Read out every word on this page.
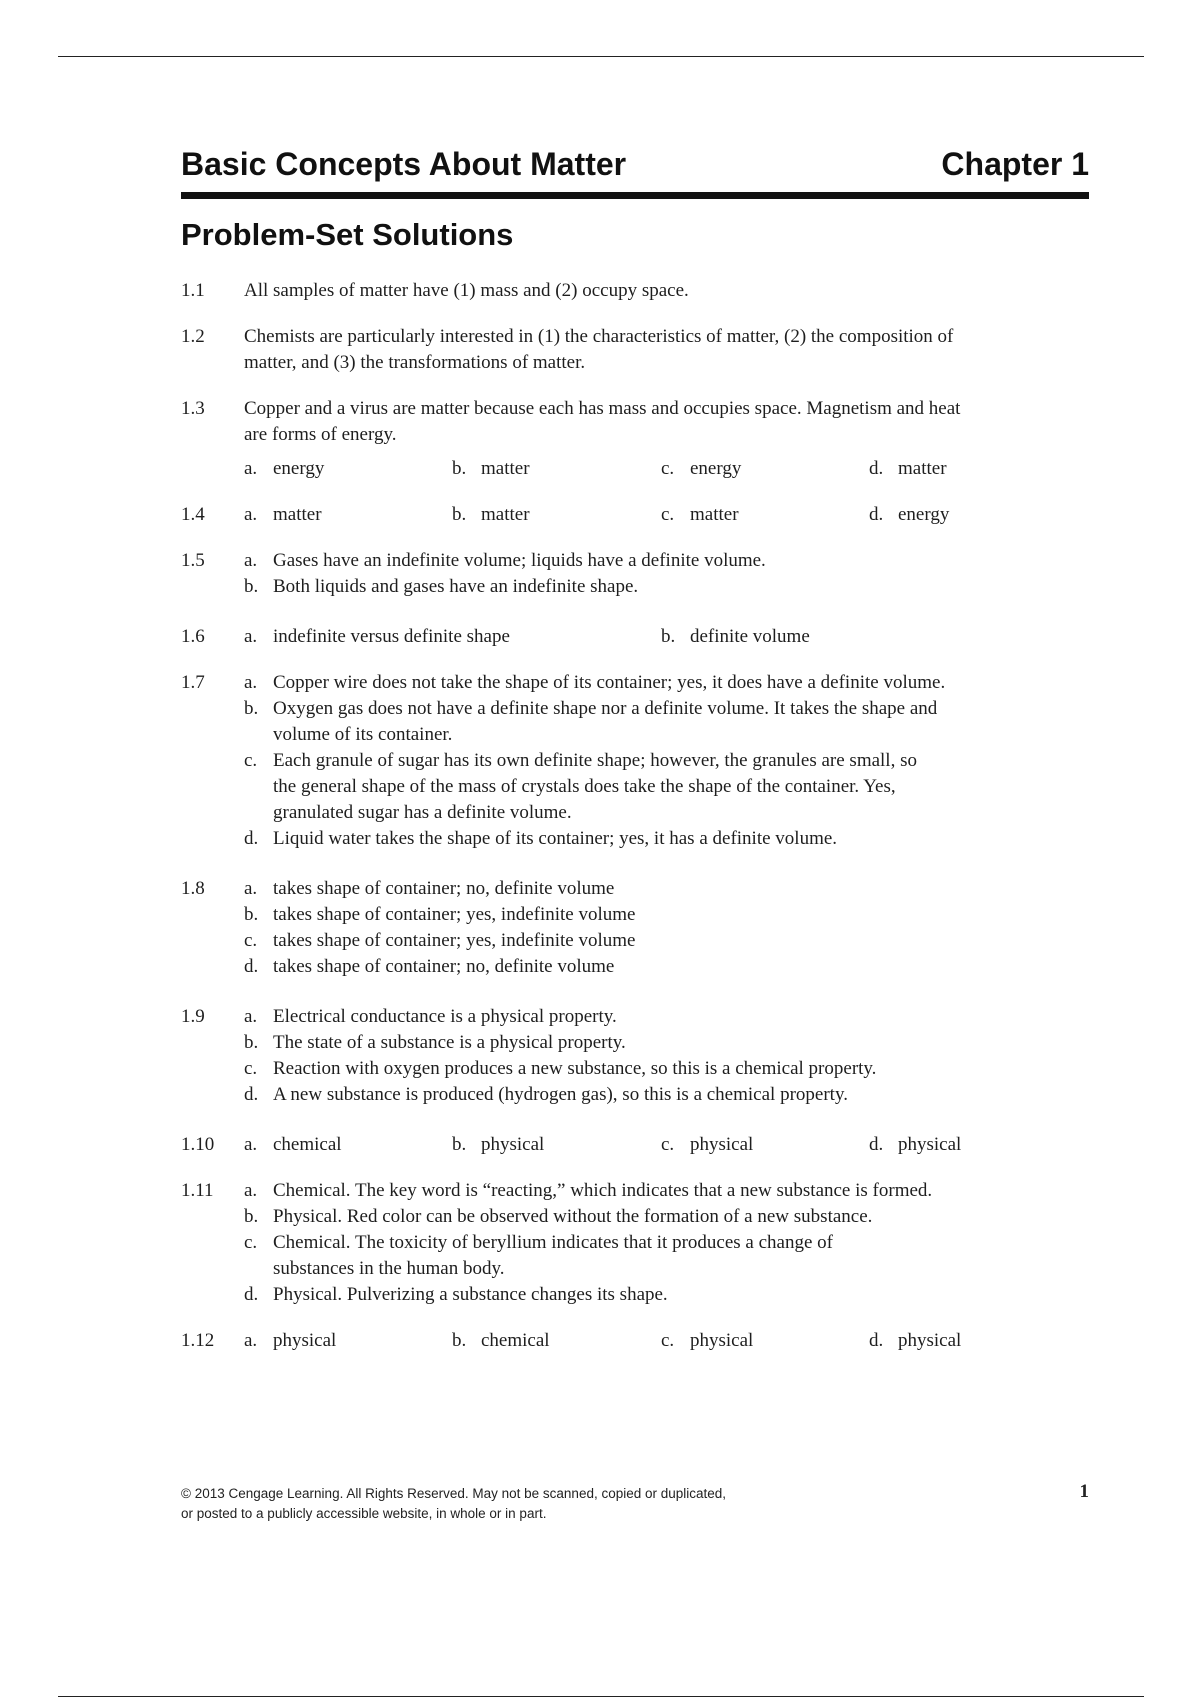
Basic Concepts About Matter	Chapter 1
Problem-Set Solutions
1.1 All samples of matter have (1) mass and (2) occupy space.
1.2 Chemists are particularly interested in (1) the characteristics of matter, (2) the composition of
matter, and (3) the transformations of matter.
1.3 Copper and a virus are matter because each has mass and occupies space. Magnetism and heat
are forms of energy.
a. energy	b. matter	c. energy	d. matter
1.4 a. matter	b. matter	c. matter	d. energy
1.5 a. Gases have an indefinite volume; liquids have a definite volume.
b. Both liquids and gases have an indefinite shape.
1.6 a. indefinite versus definite shape	b. definite volume
1.7 a. Copper wire does not take the shape of its container; yes, it does have a definite volume.
b. Oxygen gas does not have a definite shape nor a definite volume. It takes the shape and
volume of its container.
c. Each granule of sugar has its own definite shape; however, the granules are small, so
the general shape of the mass of crystals does take the shape of the container. Yes,
granulated sugar has a definite volume.
d. Liquid water takes the shape of its container; yes, it has a definite volume.
1.8 a. takes shape of container; no, definite volume
b. takes shape of container; yes, indefinite volume
c. takes shape of container; yes, indefinite volume
d. takes shape of container; no, definite volume
1.9 a. Electrical conductance is a physical property.
b. The state of a substance is a physical property.
c. Reaction with oxygen produces a new substance, so this is a chemical property.
d. A new substance is produced (hydrogen gas), so this is a chemical property.
1.10 a. chemical	b. physical	c. physical	d. physical
1.11 a. Chemical. The key word is “reacting,” which indicates that a new substance is formed.
b. Physical. Red color can be observed without the formation of a new substance.
c. Chemical. The toxicity of beryllium indicates that it produces a change of
substances in the human body.
d. Physical. Pulverizing a substance changes its shape.
1.12 a. physical	b. chemical	c. physical	d. physical
© 2013 Cengage Learning. All Rights Reserved. May not be scanned, copied or duplicated,
or posted to a publicly accessible website, in whole or in part.
1
